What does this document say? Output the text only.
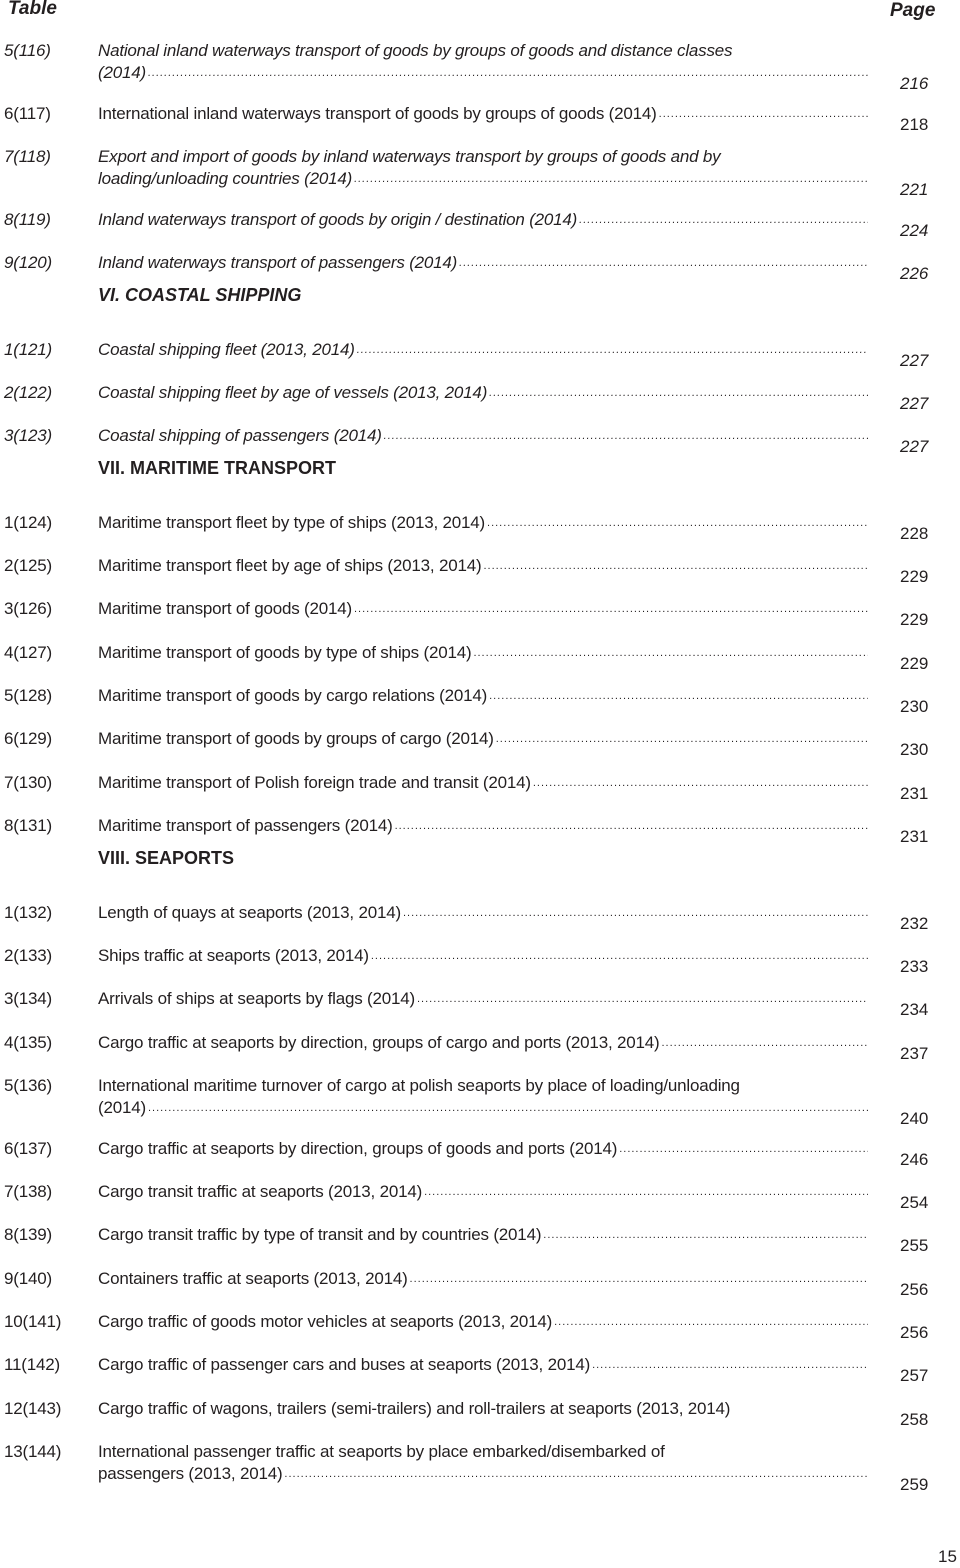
Table	Page
5(116)	National inland waterways transport of goods by groups of goods and distance classes
(2014)
.....
216
6(117)	International inland waterways transport of goods by groups of goods (2014)
.....
218
7(118)	Export and import of goods by inland waterways transport by groups of goods and by
loading/unloading countries (2014)
.....
221
8(119)	Inland waterways transport of goods by origin / destination (2014)
.....
224
9(120)	Inland waterways transport of passengers (2014)
.....
226
VI. COASTAL SHIPPING
1(121)	Coastal shipping fleet (2013, 2014)
.....
227
2(122)	Coastal shipping fleet by age of vessels (2013, 2014)
.....
227
3(123)	Coastal shipping of passengers (2014)
.....
227
VII. MARITIME TRANSPORT
1(124)	Maritime transport fleet by type of ships (2013, 2014)
.....
228
2(125)	Maritime transport fleet by age of ships (2013, 2014)
.....
229
3(126)	Maritime transport of goods (2014)
.....
229
4(127)	Maritime transport of goods by type of ships (2014)
.....
229
5(128)	Maritime transport of goods by cargo relations (2014)
.....
230
6(129)	Maritime transport of goods by groups of cargo (2014)
.....
230
7(130)	Maritime transport of Polish foreign trade and transit (2014)
.....
231
8(131)	Maritime transport of passengers (2014)
.....
231
VIII. SEAPORTS
1(132)	Length of quays at seaports (2013, 2014)
.....
232
2(133)	Ships traffic at seaports (2013, 2014)
.....
233
3(134)	Arrivals of ships at seaports by flags (2014)
.....
234
4(135)	Cargo traffic at seaports by direction, groups of cargo and ports (2013, 2014)
.....
237
5(136)	International maritime turnover of cargo at polish seaports by place of loading/unloading
(2014)
.....
240
6(137)	Cargo traffic at seaports by direction, groups of goods and ports (2014)
.....
246
7(138)	Cargo transit traffic at seaports (2013, 2014)
.....
254
8(139)	Cargo transit traffic by type of transit and by countries (2014)
.....
255
9(140)	Containers traffic at seaports (2013, 2014)
.....
256
10(141) Cargo traffic of goods motor vehicles at seaports (2013, 2014)
.....
256
11(142) Cargo traffic of passenger cars and buses at seaports (2013, 2014)
.....
257
12(143) Cargo traffic of wagons, trailers (semi-trailers) and roll-trailers at seaports (2013, 2014)
258
13(144) International passenger traffic at seaports by place embarked/disembarked of
passengers (2013, 2014)
.....
259
15
